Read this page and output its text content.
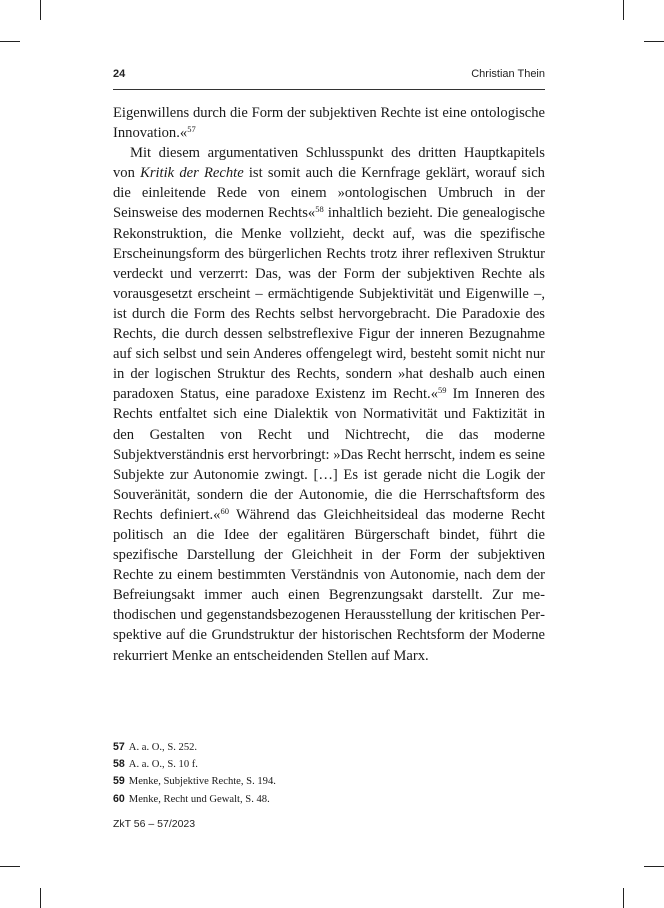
24	Christian Thein

Eigenwillens durch die Form der subjektiven Rechte ist eine ontologische Innovation.«$^{57}$

Mit diesem argumentativen Schlusspunkt des dritten Hauptkapitels von Kritik der Rechte ist somit auch die Kernfrage geklärt, worauf sich die einleitende Rede von einem »ontologischen Umbruch in der Seinsweise des modernen Rechts«$^{58}$ inhaltlich bezieht. Die genealogische Rekonstruktion, die Menke vollzieht, deckt auf, was die spezifische Erscheinungsform des bürgerlichen Rechts trotz ihrer reflexiven Struktur verdeckt und verzerrt: Das, was der Form der subjektiven Rechte als vorausgesetzt erscheint – ermächtigende Subjektivität und Eigenwille –, ist durch die Form des Rechts selbst hervorgebracht. Die Paradoxie des Rechts, die durch dessen selbstreflexive Figur der inneren Bezugnahme auf sich selbst und sein Anderes offengelegt wird, besteht somit nicht nur in der logischen Struktur des Rechts, sondern »hat deshalb auch einen paradoxen Status, eine paradoxe Existenz im Recht.«$^{59}$ Im Inneren des Rechts entfaltet sich eine Dialektik von Normativität und Faktizität in den Gestalten von Recht und Nichtrecht, die das moderne Subjektverständnis erst hervorbringt: »Das Recht herrscht, indem es seine Subjekte zur Autonomie zwingt. […] Es ist gerade nicht die Logik der Souveränität, sondern die der Autonomie, die die Herrschaftsform des Rechts definiert.«$^{60}$ Während das Gleichheitsideal das moderne Recht politisch an die Idee der egalitären Bürgerschaft bindet, führt die spezifische Darstellung der Gleichheit in der Form der subjektiven Rechte zu einem bestimmten Verständnis von Autonomie, nach dem der Befreiungsakt immer auch einen Begrenzungsakt darstellt. Zur methodischen und gegenstandsbezogenen Herausstellung der kritischen Perspektive auf die Grundstruktur der historischen Rechtsform der Moderne rekurriert Menke an entscheidenden Stellen auf Marx.

57 A. a. O., S. 252.
58 A. a. O., S. 10 f.
59 Menke, Subjektive Rechte, S. 194.
60 Menke, Recht und Gewalt, S. 48.
ZkT 56 – 57/2023
